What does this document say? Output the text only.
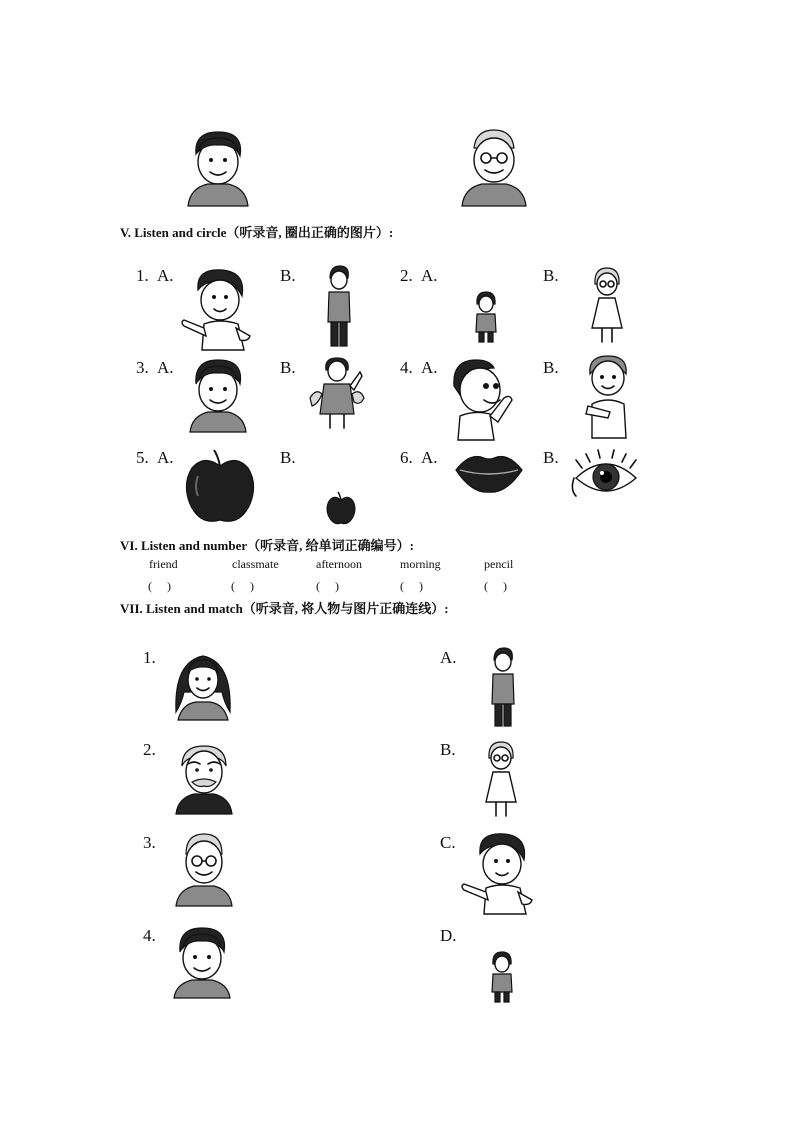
V. Listen and circle（听录音, 圈出正确的图片）:
1. A.	B.	2. A.	B.
3. A.	B.	4. A.	B.
5. A.	B.	6. A.	B.
VI. Listen and number（听录音, 给单词正确编号）:
friend	classmate	afternoon	morning	pencil
(     )	(     )	(     )	(     )	(     )
VII. Listen and match（听录音, 将人物与图片正确连线）:
1.
2.
3.
4.
A.
B.
C.
D.
